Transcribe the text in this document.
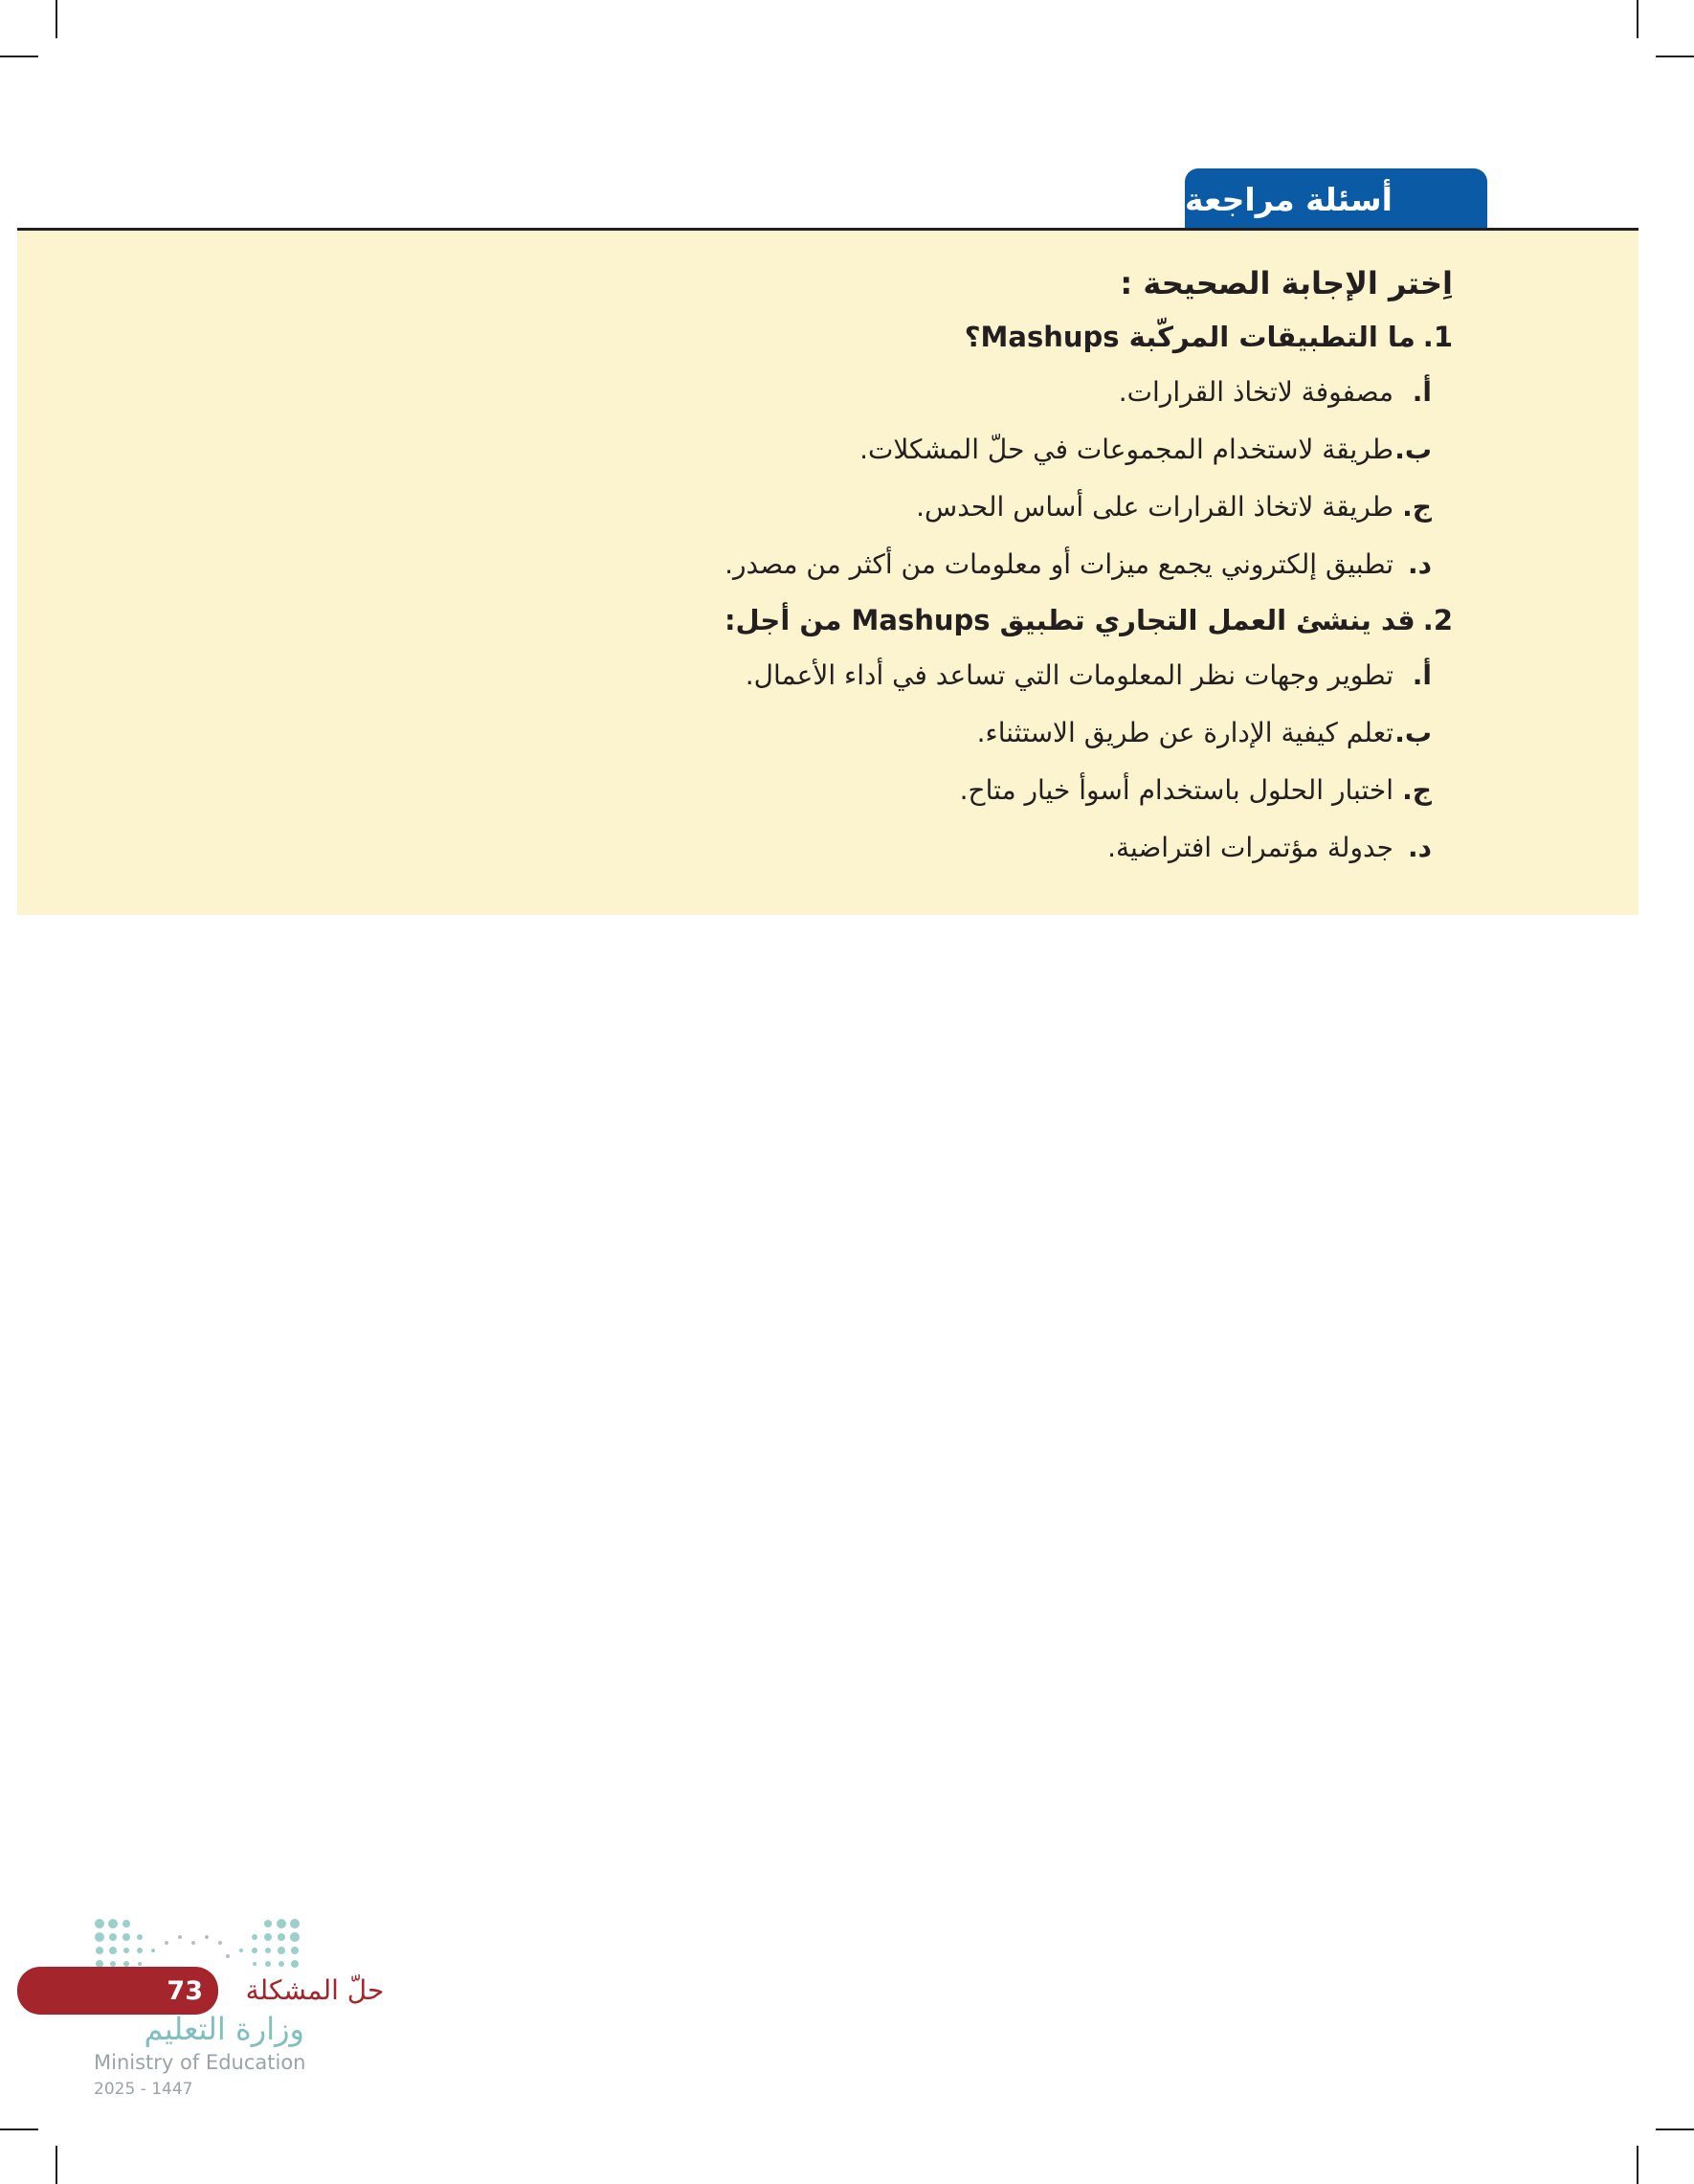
أسئلة مراجعة

اِختر الإجابة الصحيحة :

1.ما التطبيقات المركّبة Mashups؟

أ.
مصفوفة لاتخاذ القرارات.
ب.
طريقة لاستخدام المجموعات في حلّ المشكلات.
ج.
طريقة لاتخاذ القرارات على أساس الحدس.
د.
تطبيق إلكتروني يجمع ميزات أو معلومات من أكثر من مصدر.

2.قد ينشئ العمل التجاري تطبيق Mashups من أجل:

أ.
تطوير وجهات نظر المعلومات التي تساعد في أداء الأعمال.
ب.
تعلم كيفية الإدارة عن طريق الاستثناء.
ج.
اختبار الحلول باستخدام أسوأ خيار متاح.
د.
جدولة مؤتمرات افتراضية.
73	حلّ المشكلة
وزارة التعليم
Ministry of Education
2025 - 1447
